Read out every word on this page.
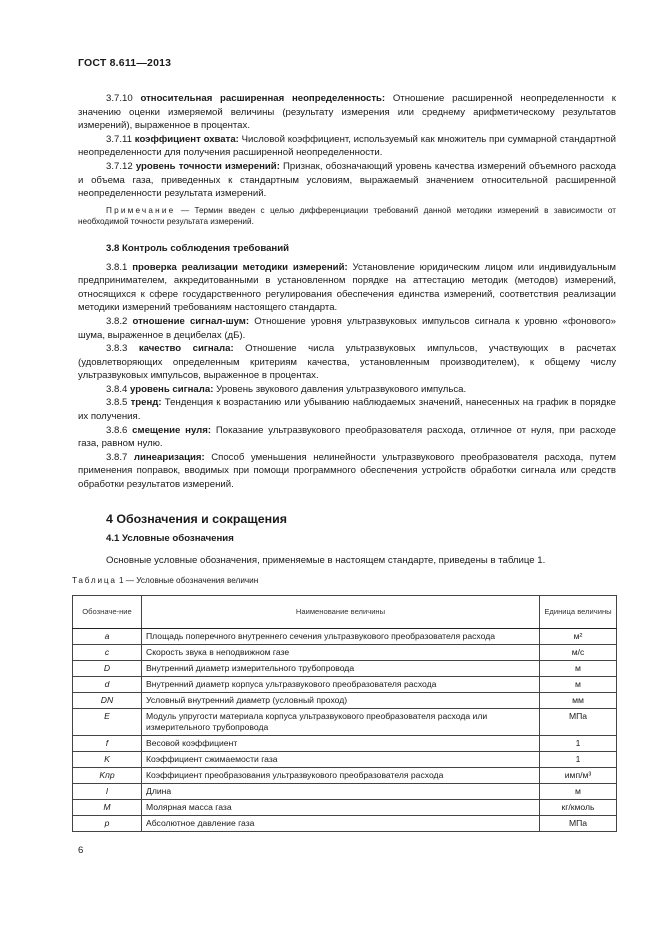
ГОСТ 8.611—2013

3.7.10 относительная расширенная неопределенность: Отношение расширенной неопределенности к значению оценки измеряемой величины (результату измерения или среднему арифметическому результатов измерений), выраженное в процентах.

3.7.11 коэффициент охвата: Числовой коэффициент, используемый как множитель при суммарной стандартной неопределенности для получения расширенной неопределенности.

3.7.12 уровень точности измерений: Признак, обозначающий уровень качества измерений объемного расхода и объема газа, приведенных к стандартным условиям, выражаемый значением относительной расширенной неопределенности результата измерений.

Примечание — Термин введен с целью дифференциации требований данной методики измерений в зависимости от необходимой точности результата измерений.

3.8 Контроль соблюдения требований

3.8.1 проверка реализации методики измерений: Установление юридическим лицом или индивидуальным предпринимателем, аккредитованными в установленном порядке на аттестацию методик (методов) измерений, относящихся к сфере государственного регулирования обеспечения единства измерений, соответствия реализации методики измерений требованиям настоящего стандарта.

3.8.2 отношение сигнал-шум: Отношение уровня ультразвуковых импульсов сигнала к уровню «фонового» шума, выраженное в децибелах (дБ).

3.8.3 качество сигнала: Отношение числа ультразвуковых импульсов, участвующих в расчетах (удовлетворяющих определенным критериям качества, установленным производителем), к общему числу ультразвуковых импульсов, выраженное в процентах.

3.8.4 уровень сигнала: Уровень звукового давления ультразвукового импульса.

3.8.5 тренд: Тенденция к возрастанию или убыванию наблюдаемых значений, нанесенных на график в порядке их получения.

3.8.6 смещение нуля: Показание ультразвукового преобразователя расхода, отличное от нуля, при расходе газа, равном нулю.

3.8.7 линеаризация: Способ уменьшения нелинейности ультразвукового преобразователя расхода, путем применения поправок, вводимых при помощи программного обеспечения устройств обработки сигнала или средств обработки результатов измерений.

4 Обозначения и сокращения
4.1 Условные обозначения

Основные условные обозначения, применяемые в настоящем стандарте, приведены в таблице 1.

Таблица 1 — Условные обозначения величин
Обозначе-ние	Наименование величины	Единица величины
a	Площадь поперечного внутреннего сечения ультразвукового преобразователя расхода	м²
c	Скорость звука в неподвижном газе	м/с
D	Внутренний диаметр измерительного трубопровода	м
d	Внутренний диаметр корпуса ультразвукового преобразователя расхода	м
DN	Условный внутренний диаметр (условный проход)	мм
E	Модуль упругости материала корпуса ультразвукового преобразователя расхода или измерительного трубопровода	МПа
f	Весовой коэффициент	1
K	Коэффициент сжимаемости газа	1
Kпр	Коэффициент преобразования ультразвукового преобразователя расхода	имп/м³
l	Длина	м
M	Молярная масса газа	кг/кмоль
p	Абсолютное давление газа	МПа
6
